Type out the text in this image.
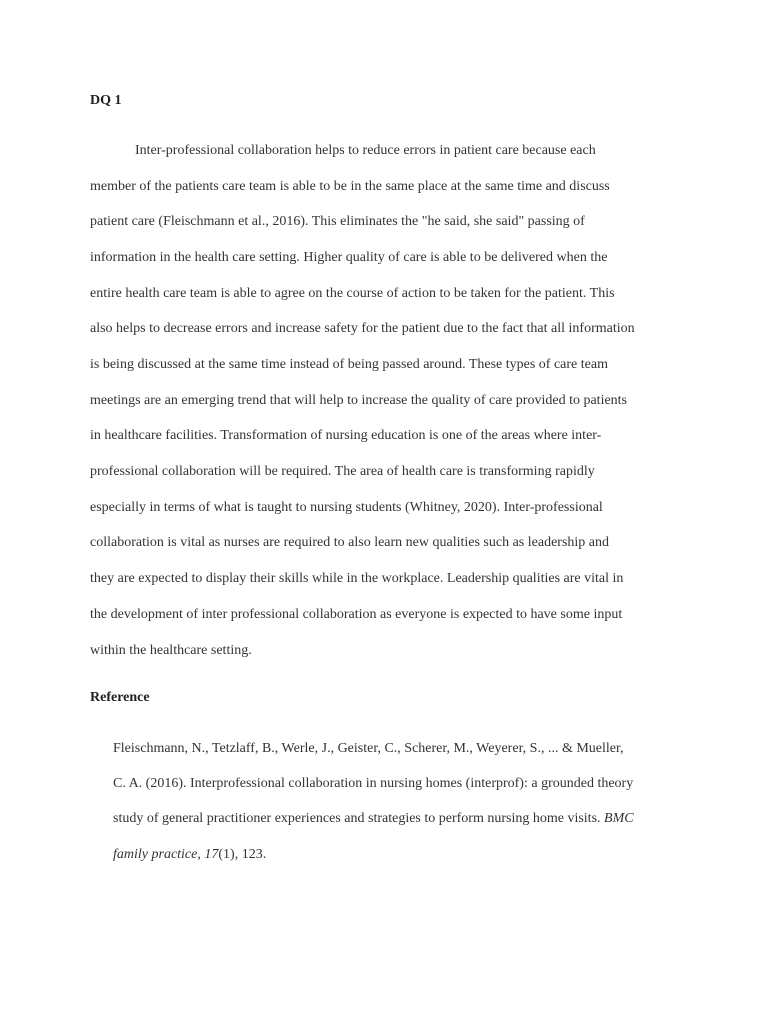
DQ 1

Inter-professional collaboration helps to reduce errors in patient care because each

member of the patients care team is able to be in the same place at the same time and discuss

patient care (Fleischmann et al., 2016). This eliminates the "he said, she said" passing of

information in the health care setting. Higher quality of care is able to be delivered when the

entire health care team is able to agree on the course of action to be taken for the patient. This

also helps to decrease errors and increase safety for the patient due to the fact that all information

is being discussed at the same time instead of being passed around. These types of care team

meetings are an emerging trend that will help to increase the quality of care provided to patients

in healthcare facilities. Transformation of nursing education is one of the areas where inter-

professional collaboration will be required. The area of health care is transforming rapidly

especially in terms of what is taught to nursing students (Whitney, 2020). Inter-professional

collaboration is vital as nurses are required to also learn new qualities such as leadership and

they are expected to display their skills while in the workplace. Leadership qualities are vital in

the development of inter professional collaboration as everyone is expected to have some input

within the healthcare setting.

Reference

Fleischmann, N., Tetzlaff, B., Werle, J., Geister, C., Scherer, M., Weyerer, S., ... & Mueller,

C. A. (2016). Interprofessional collaboration in nursing homes (interprof): a grounded theory

study of general practitioner experiences and strategies to perform nursing home visits. BMC

family practice, 17(1), 123.
